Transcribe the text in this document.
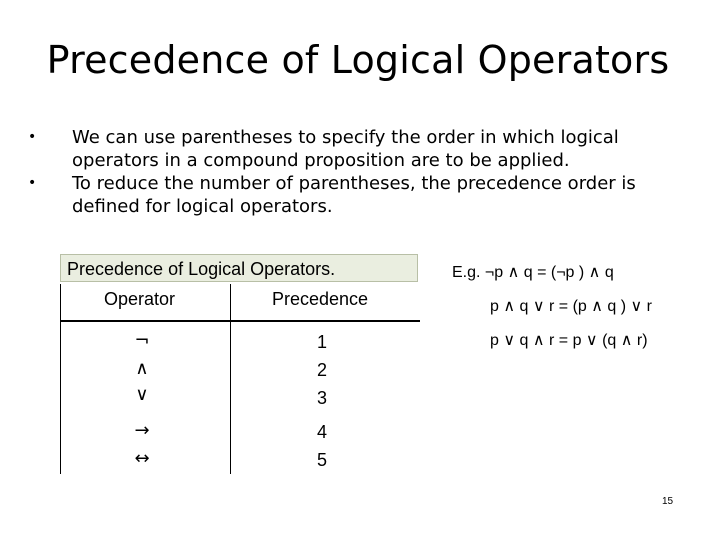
Precedence of Logical Operators
• We can use parentheses to specify the order in which logical operators in a compound proposition are to be applied.
• To reduce the number of parentheses, the precedence order is defined for logical operators.
Precedence of Logical Operators.
Operator	Precedence
¬	1
∧	2
∨	3
→	4
↔	5
E.g. ¬p ∧ q = (¬p ) ∧ q
p ∧ q ∨ r = (p ∧ q ) ∨ r
p ∨ q ∧ r = p ∨ (q ∧ r)
15
